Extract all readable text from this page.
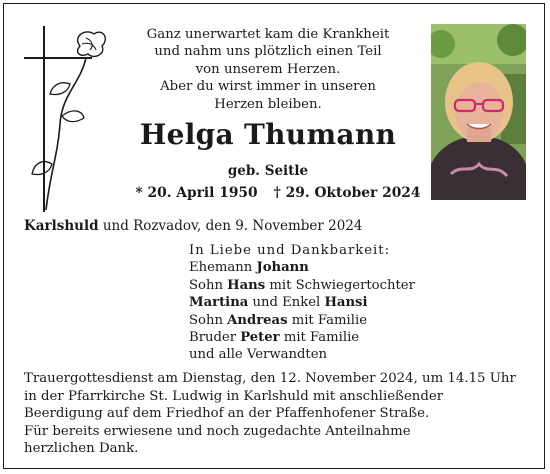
Ganz unerwartet kam die Krankheit
und nahm uns plötzlich einen Teil
von unserem Herzen.
Aber du wirst immer in unseren
Herzen bleiben.
Helga Thumann
geb. Seitle
* 20. April 1950 † 29. Oktober 2024
Karlshuld und Rozvadov, den 9. November 2024
In Liebe und Dankbarkeit:
Ehemann Johann
Sohn Hans mit Schwiegertochter
Martina und Enkel Hansi
Sohn Andreas mit Familie
Bruder Peter mit Familie
und alle Verwandten
Trauergottesdienst am Dienstag, den 12. November 2024, um 14.15 Uhr
in der Pfarrkirche St. Ludwig in Karlshuld mit anschließender
Beerdigung auf dem Friedhof an der Pfaffenhofener Straße.
Für bereits erwiesene und noch zugedachte Anteilnahme
herzlichen Dank.
